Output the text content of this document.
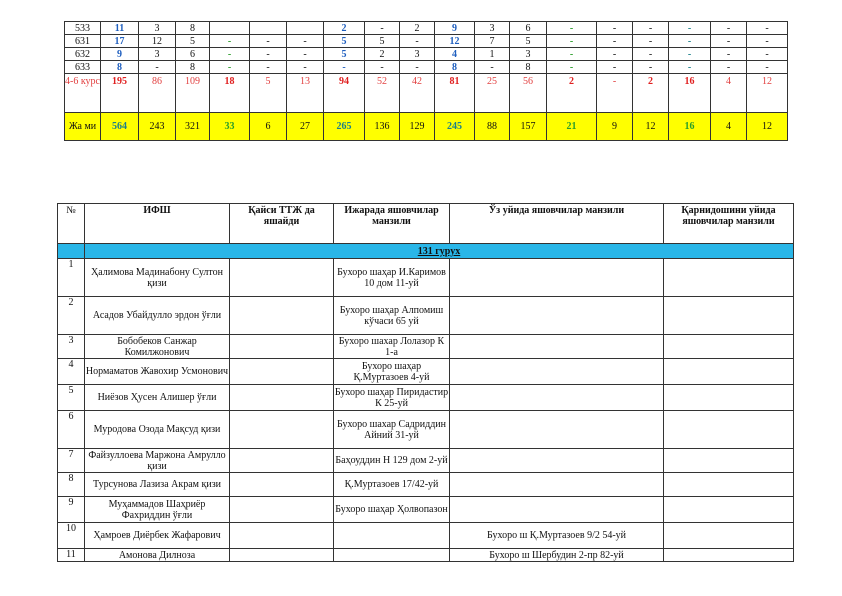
533	11	3	8				2	-	2	9	3	6	-	-	-	-	-	-
631	17	12	5	-	-	-	5	5	-	12	7	5	-	-	-	-	-	-
632	9	3	6	-	-	-	5	2	3	4	1	3	-	-	-	-	-	-
633	8	-	8	-	-	-	-	-	-	8	-	8	-	-	-	-	-	-
4-6 курс	195	86	109	18	5	13	94	52	42	81	25	56	2	-	2	16	4	12
Жа ми	564	243	321	33	6	27	265	136	129	245	88	157	21	9	12	16	4	12
№	ИФШ	Қайси ТТЖ да яшайди	Ижарада яшовчилар манзили	Ўз уйида яшовчилар манзили	Қарнидошини уйида яшовчилар манзили
	131 гурух				
1	Ҳалимова Мадинабону Султон қизи		Бухоро шаҳар И.Каримов 10 дом 11-уй		
2	Асадов Убайдулло эрдон ўғли		Бухоро шаҳар Алпомиш кўчаси 65 уй		
3	Бобобеков Санжар Комилжонович		Бухоро шахар Лолазор К 1-а		
4	Нормаматов Жавохир Усмонович		Бухоро шаҳар Қ.Муртазоев 4-уй		
5	Ниёзов Ҳусен Алишер ўғли		Бухоро шаҳар Пиридастир К 25-уй		
6	Муродова Озода Мақсуд қизи		Бухоро шахар Садриддин Айний 31-уй		
7	Файзуллоева Маржона Амрулло қизи		Баҳоуддин Н 129 дом 2-уй		
8	Турсунова Лазиза Акрам қизи		Қ.Муртазоев 17/42-уй		
9	Муҳаммадов Шаҳриёр Фахриддин ўғли		Бухоро шаҳар Ҳолвопазон		
10	Ҳамроев Диёрбек Жафарович			Бухоро ш Қ.Муртазоев 9/2 54-уй	
11	Амонова Дилноза			Бухоро ш Шербудин 2-пр 82-уй	
